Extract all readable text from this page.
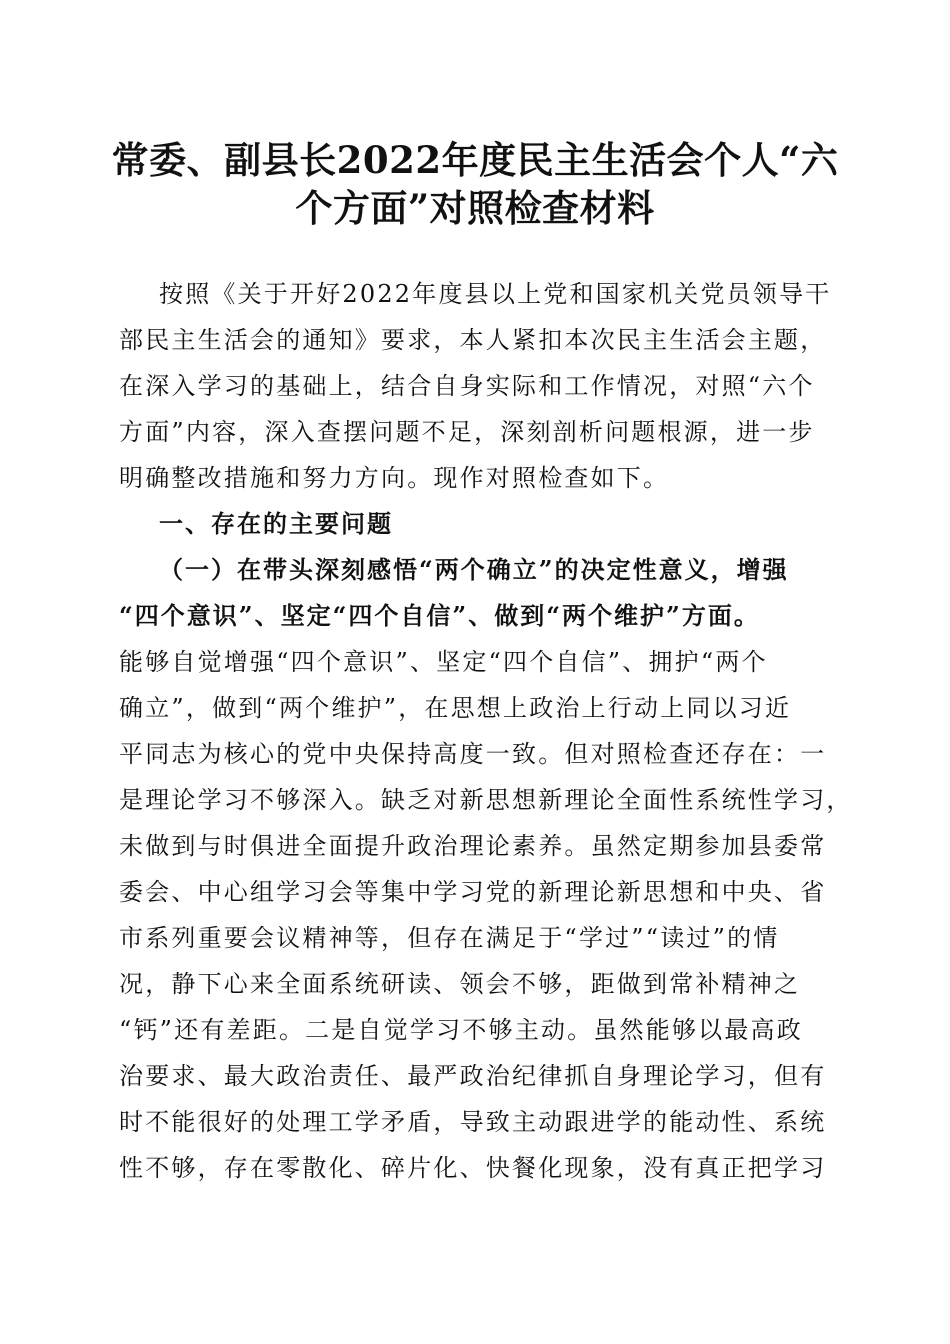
常委、副县长2022年度民主生活会个人“六
个方面”对照检查材料
按照《关于开好2022年度县以上党和国家机关党员领导干
部民主生活会的通知》要求，本人紧扣本次民主生活会主题，
在深入学习的基础上，结合自身实际和工作情况，对照“六个
方面”内容，深入查摆问题不足，深刻剖析问题根源，进一步
明确整改措施和努力方向。现作对照检查如下。
一、存在的主要问题
（一）在带头深刻感悟“两个确立”的决定性意义，增强
“四个意识”、坚定“四个自信”、做到“两个维护”方面。
能够自觉增强“四个意识”、坚定“四个自信”、拥护“两个
确立”，做到“两个维护”，在思想上政治上行动上同以习近
平同志为核心的党中央保持高度一致。但对照检查还存在：一
是理论学习不够深入。缺乏对新思想新理论全面性系统性学习，
未做到与时俱进全面提升政治理论素养。虽然定期参加县委常
委会、中心组学习会等集中学习党的新理论新思想和中央、省
市系列重要会议精神等，但存在满足于“学过”“读过”的情
况，静下心来全面系统研读、领会不够，距做到常补精神之
“钙”还有差距。二是自觉学习不够主动。虽然能够以最高政
治要求、最大政治责任、最严政治纪律抓自身理论学习，但有
时不能很好的处理工学矛盾，导致主动跟进学的能动性、系统
性不够，存在零散化、碎片化、快餐化现象，没有真正把学习
